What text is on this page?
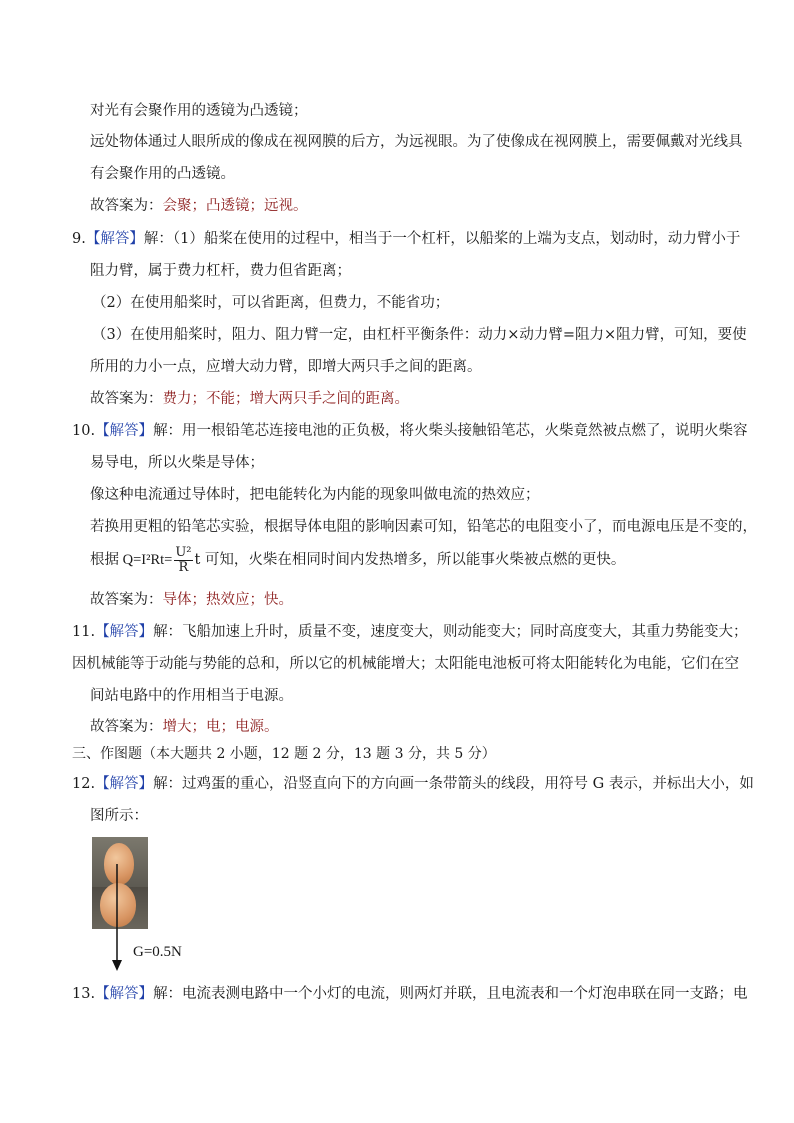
对光有会聚作用的透镜为凸透镜；
远处物体通过人眼所成的像成在视网膜的后方，为远视眼。为了使像成在视网膜上，需要佩戴对光线具
有会聚作用的凸透镜。
故答案为：会聚；凸透镜；远视。
9.【解答】解：（1）船桨在使用的过程中，相当于一个杠杆，以船桨的上端为支点，划动时，动力臂小于
阻力臂，属于费力杠杆，费力但省距离；
（2）在使用船桨时，可以省距离，但费力，不能省功；
（3）在使用船桨时，阻力、阻力臂一定，由杠杆平衡条件：动力×动力臂=阻力×阻力臂，可知，要使
所用的力小一点，应增大动力臂，即增大两只手之间的距离。
故答案为：费力；不能；增大两只手之间的距离。
10.【解答】解：用一根铅笔芯连接电池的正负极，将火柴头接触铅笔芯，火柴竟然被点燃了，说明火柴容
易导电，所以火柴是导体；
像这种电流通过导体时，把电能转化为内能的现象叫做电流的热效应；
若换用更粗的铅笔芯实验，根据导体电阻的影响因素可知，铅笔芯的电阻变小了，而电源电压是不变的，
根据 $Q=I^2Rt= \frac{\text{U²}}{R}$ t 可知，火柴在相同时间内发热增多，所以能事火柴被点燃的更快。
故答案为：导体；热效应；快。
11.【解答】解：飞船加速上升时，质量不变，速度变大，则动能变大；同时高度变大，其重力势能变大；
因机械能等于动能与势能的总和，所以它的机械能增大；太阳能电池板可将太阳能转化为电能，它们在空
间站电路中的作用相当于电源。
故答案为：增大；电；电源。
三、作图题（本大题共 2 小题，12 题 2 分，13 题 3 分，共 5 分）
12.【解答】解：过鸡蛋的重心，沿竖直向下的方向画一条带箭头的线段，用符号 G 表示，并标出大小，如
图所示：
G=0.5N
13.【解答】解：电流表测电路中一个小灯的电流，则两灯并联，且电流表和一个灯泡串联在同一支路；电
